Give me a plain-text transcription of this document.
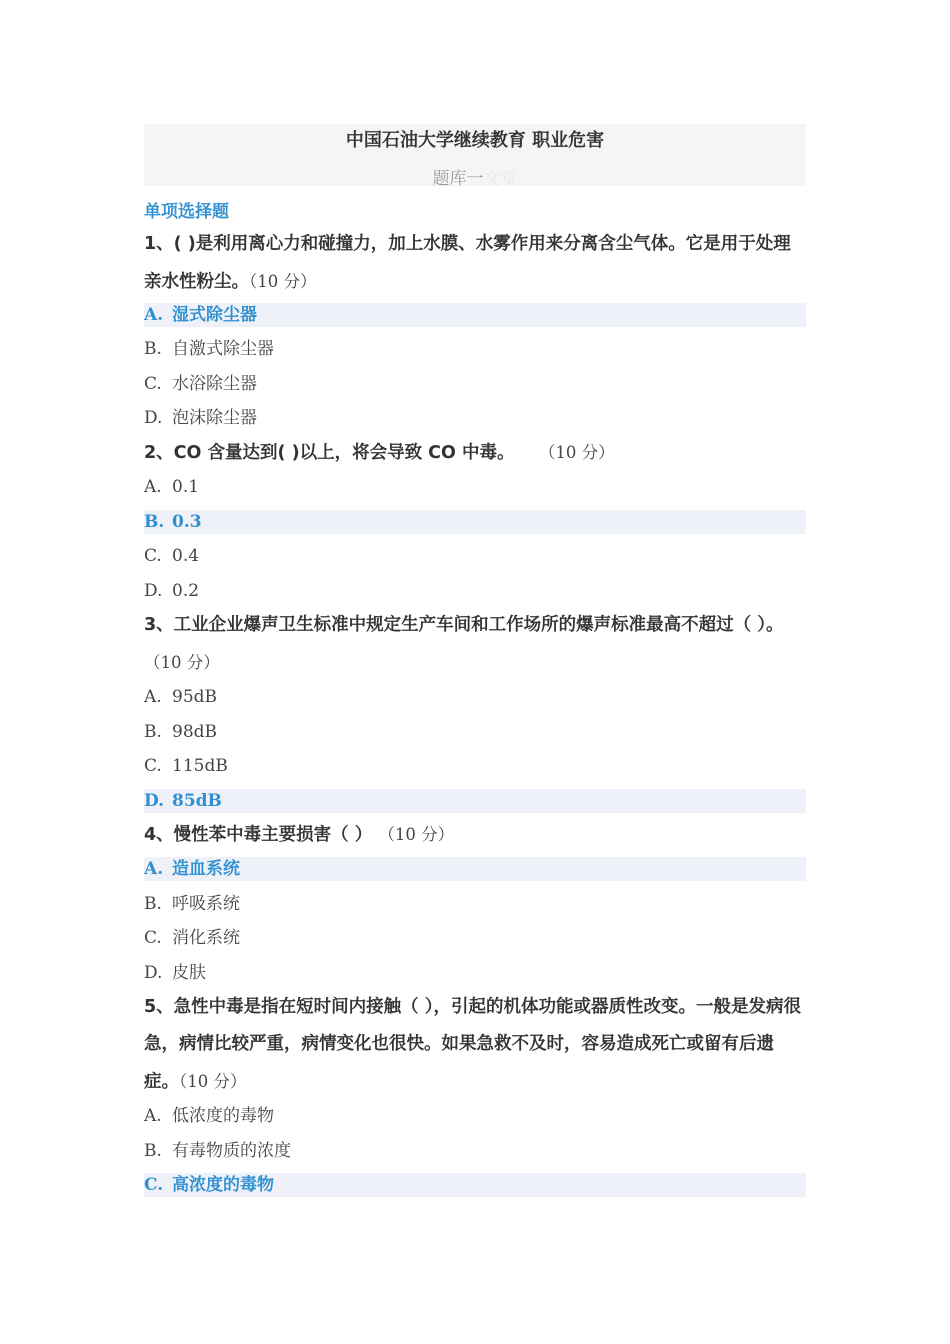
中国石油大学继续教育 职业危害
题库一文章
单项选择题
1、( )是利用离心力和碰撞力，加上水膜、水雾作用来分离含尘气体。它是用于处理亲水性粉尘。（10 分）
A. 湿式除尘器
B. 自激式除尘器
C. 水浴除尘器
D. 泡沫除尘器
2、CO 含量达到( )以上，将会导致 CO 中毒。 （10 分）
A. 0.1
B. 0.3
C. 0.4
D. 0.2
3、工业企业爆声卫生标准中规定生产车间和工作场所的爆声标准最高不超过（ ）。（10 分）
A. 95dB
B. 98dB
C. 115dB
D. 85dB
4、慢性苯中毒主要损害（ ） （10 分）
A. 造血系统
B. 呼吸系统
C. 消化系统
D. 皮肤
5、急性中毒是指在短时间内接触（ ），引起的机体功能或器质性改变。一般是发病很急，病情比较严重，病情变化也很快。如果急救不及时，容易造成死亡或留有后遗症。（10 分）
A. 低浓度的毒物
B. 有毒物质的浓度
C. 高浓度的毒物
